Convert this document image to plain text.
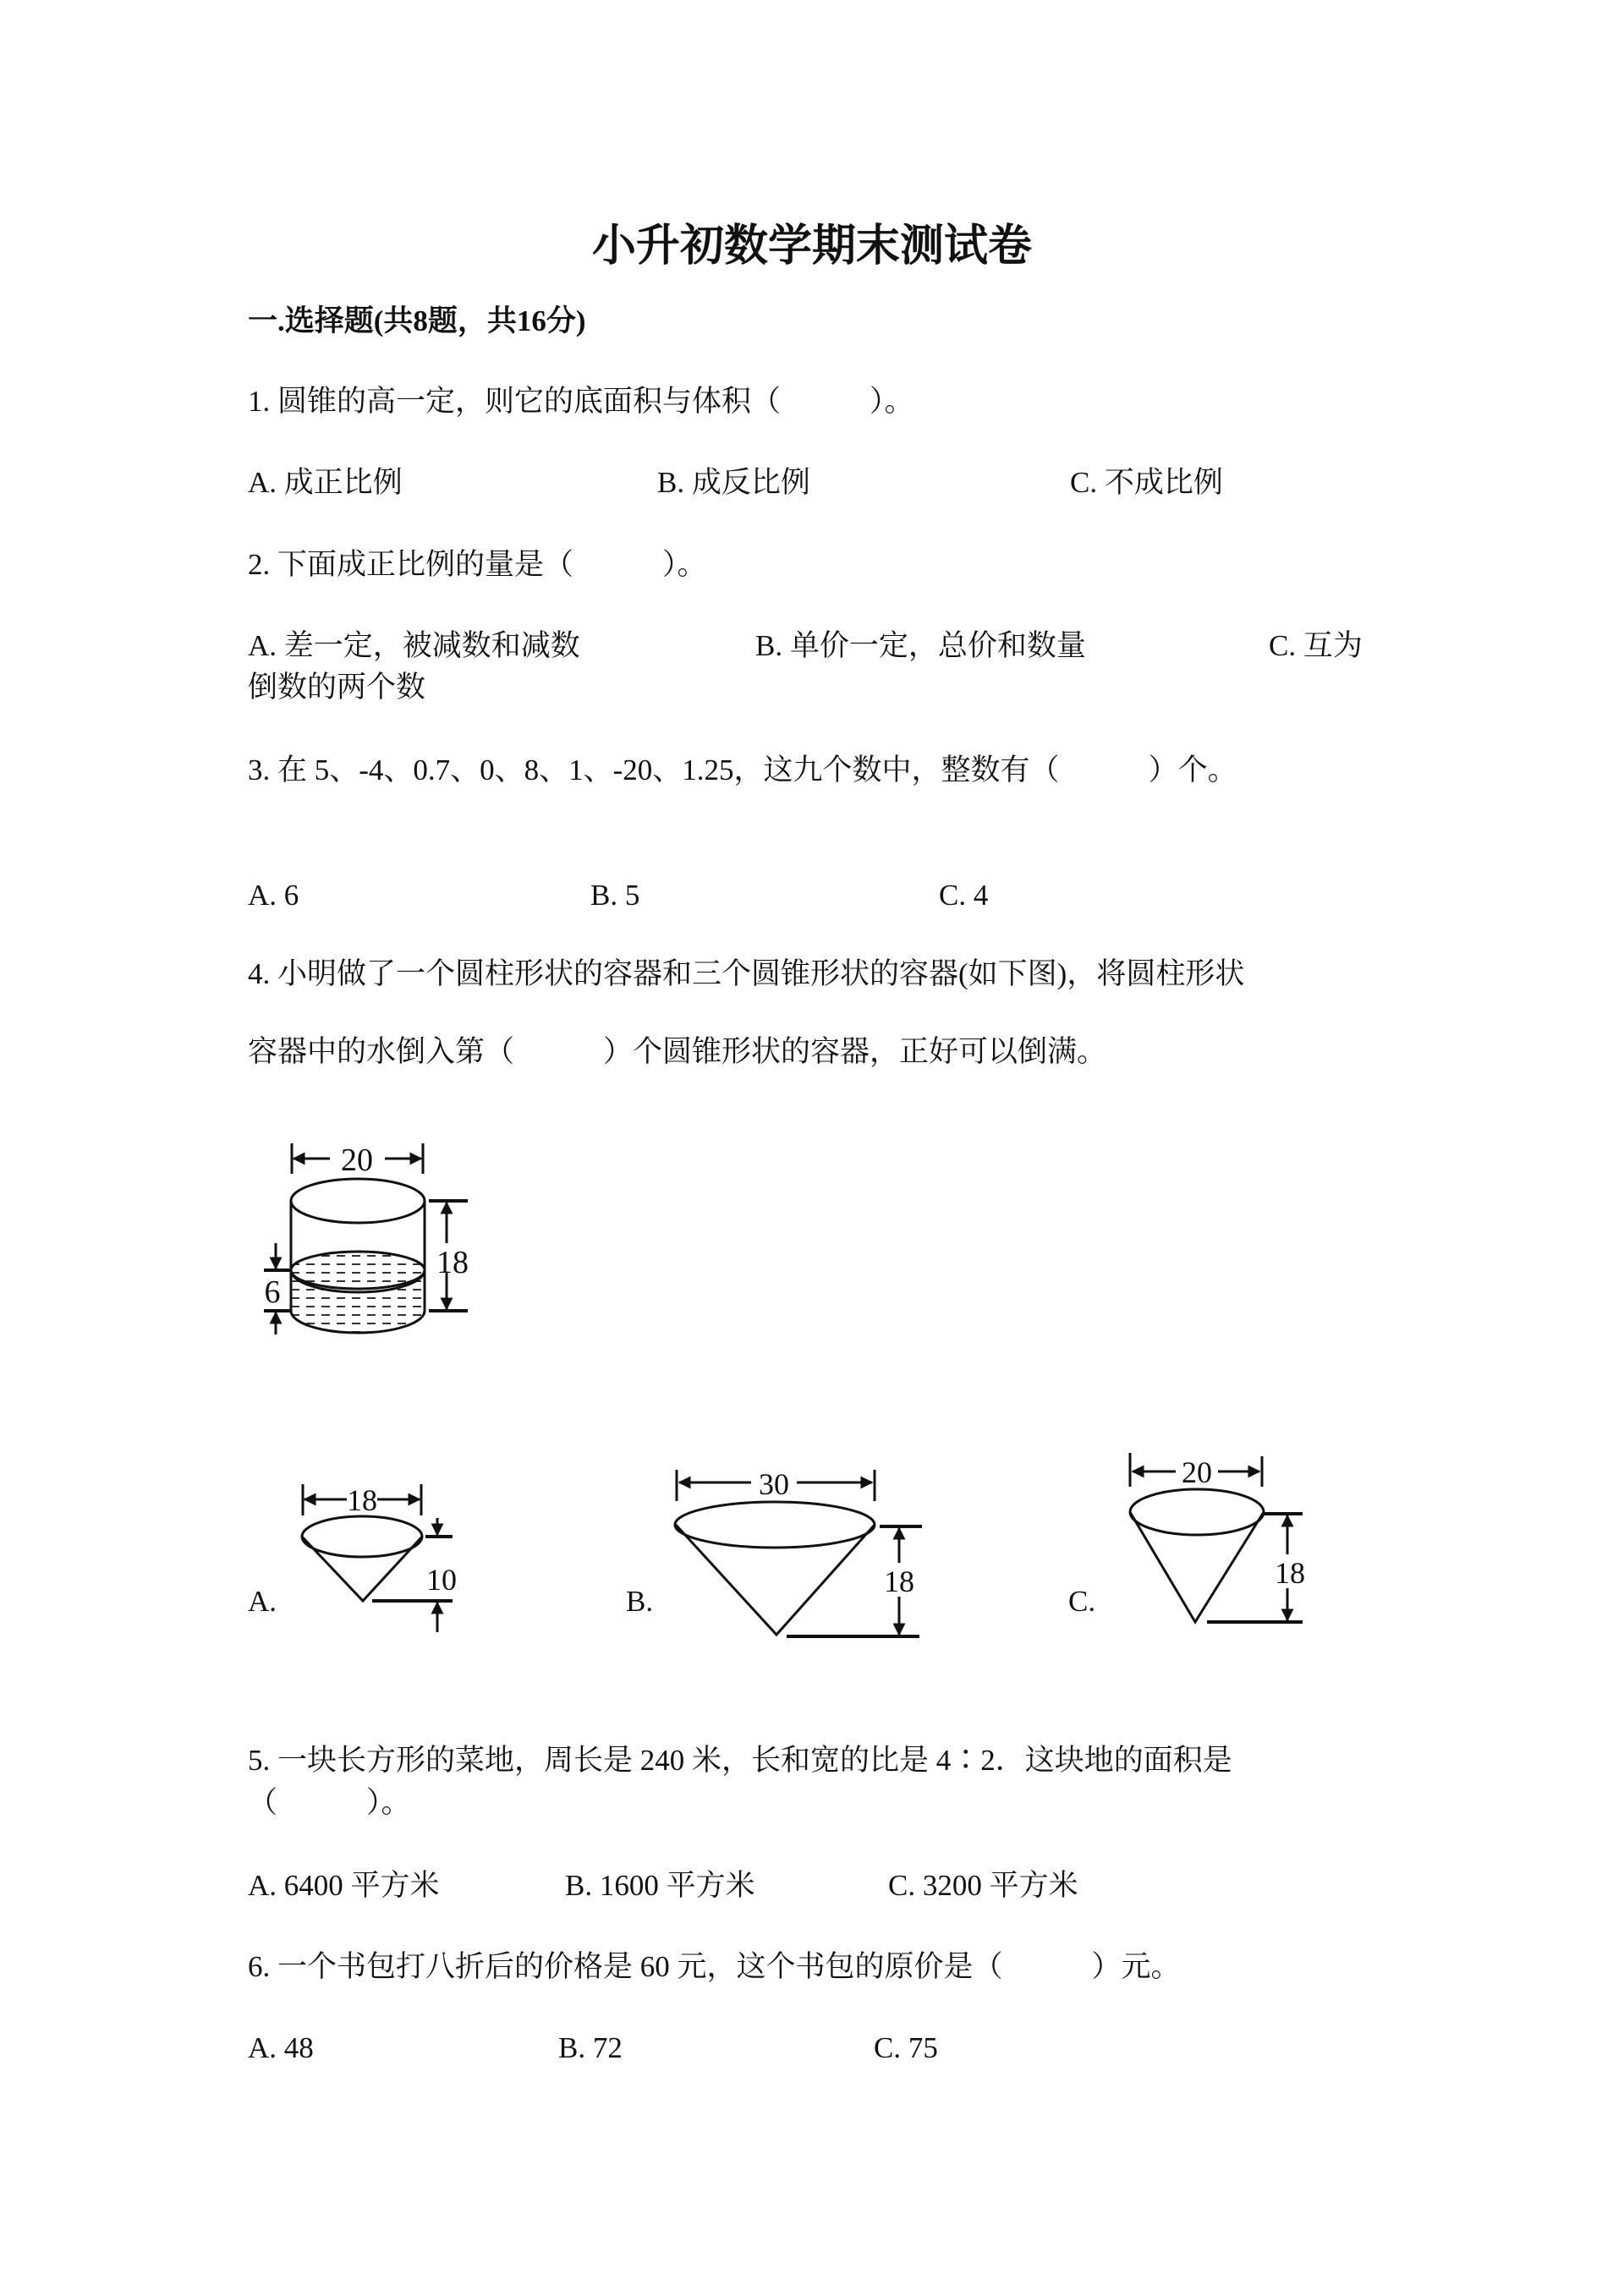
小升初数学期末测试卷
一.选择题(共8题，共16分)
1. 圆锥的高一定，则它的底面积与体积（　　　）。
A. 成正比例	B. 成反比例	C. 不成比例
2. 下面成正比例的量是（　　　）。
A. 差一定，被减数和减数	B. 单价一定，总价和数量	C. 互为
倒数的两个数
3. 在 5、-4、0.7、0、8、1、-20、1.25，这九个数中，整数有（　　　）个。
A. 6	B. 5	C. 4
4. 小明做了一个圆柱形状的容器和三个圆锥形状的容器(如下图)，将圆柱形状
容器中的水倒入第（　　　）个圆锥形状的容器，正好可以倒满。
20
18
6
18
10
A.
30
18
B.
20
18
C.
5. 一块长方形的菜地，周长是 240 米，长和宽的比是 4∶2．这块地的面积是
（　　　）。
A. 6400 平方米	B. 1600 平方米	C. 3200 平方米
6. 一个书包打八折后的价格是 60 元，这个书包的原价是（　　　）元。
A. 48	B. 72	C. 75
